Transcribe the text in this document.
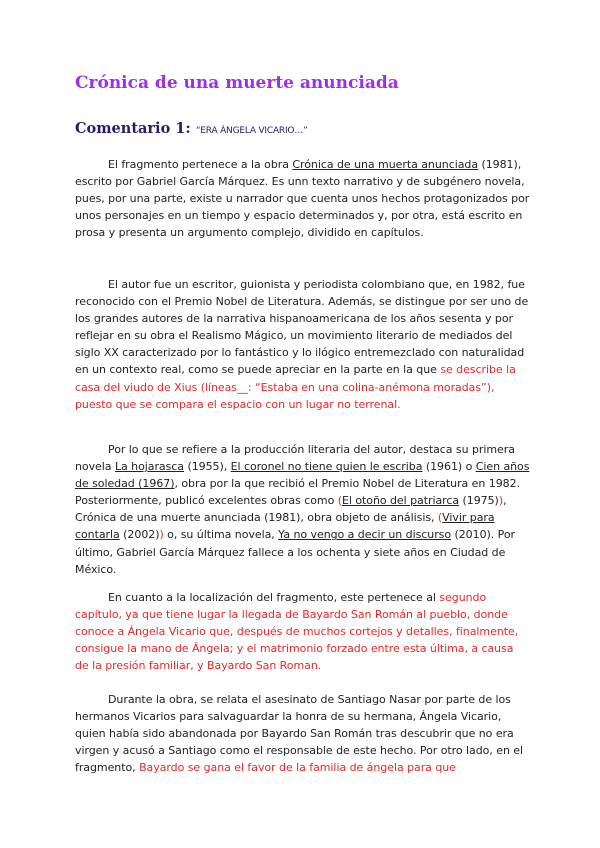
Crónica de una muerte anunciada

Comentario 1: “ERA ÁNGELA VICARIO…”

El fragmento pertenece a la obra Crónica de una muerta anunciada (1981), escrito por Gabriel García Márquez. Es unn texto narrativo y de subgénero novela, pues, por una parte, existe u narrador que cuenta unos hechos protagonizados por unos personajes en un tiempo y espacio determinados y, por otra, está escrito en prosa y presenta un argumento complejo, dividido en capítulos.

El autor fue un escritor, guionista y periodista colombiano que, en 1982, fue reconocido con el Premio Nobel de Literatura. Además, se distingue por ser uno de los grandes autores de la narrativa hispanoamericana de los años sesenta y por reflejar en su obra el Realismo Mágico, un movimiento literario de mediados del siglo XX caracterizado por lo fantástico y lo ilógico entremezclado con naturalidad en un contexto real, como se puede apreciar en la parte en la que se describe la casa del viudo de Xius (líneas__: “Estaba en una colina-anémona moradas”), puesto que se compara el espacio con un lugar no terrenal.

Por lo que se refiere a la producción literaria del autor, destaca su primera novela La hojarasca (1955), El coronel no tiene quien le escriba (1961) o Cien años de soledad (1967), obra por la que recibió el Premio Nobel de Literatura en 1982. Posteriormente, publicó excelentes obras como (El otoño del patriarca (1975)), Crónica de una muerte anunciada (1981), obra objeto de análisis, (Vivir para contarla (2002)) o, su última novela, Ya no vengo a decir un discurso (2010). Por último, Gabriel García Márquez fallece a los ochenta y siete años en Ciudad de México.

En cuanto a la localización del fragmento, este pertenece al segundo capítulo, ya que tiene lugar la llegada de Bayardo San Román al pueblo, donde conoce a Ángela Vicario que, después de muchos cortejos y detalles, finalmente, consigue la mano de Ángela; y el matrimonio forzado entre esta última, a causa de la presión familiar, y Bayardo San Roman.

Durante la obra, se relata el asesinato de Santiago Nasar por parte de los hermanos Vicarios para salvaguardar la honra de su hermana, Ángela Vicario, quien había sido abandonada por Bayardo San Román tras descubrir que no era virgen y acusó a Santiago como el responsable de este hecho. Por otro lado, en el fragmento, Bayardo se gana el favor de la familia de ángela para que
